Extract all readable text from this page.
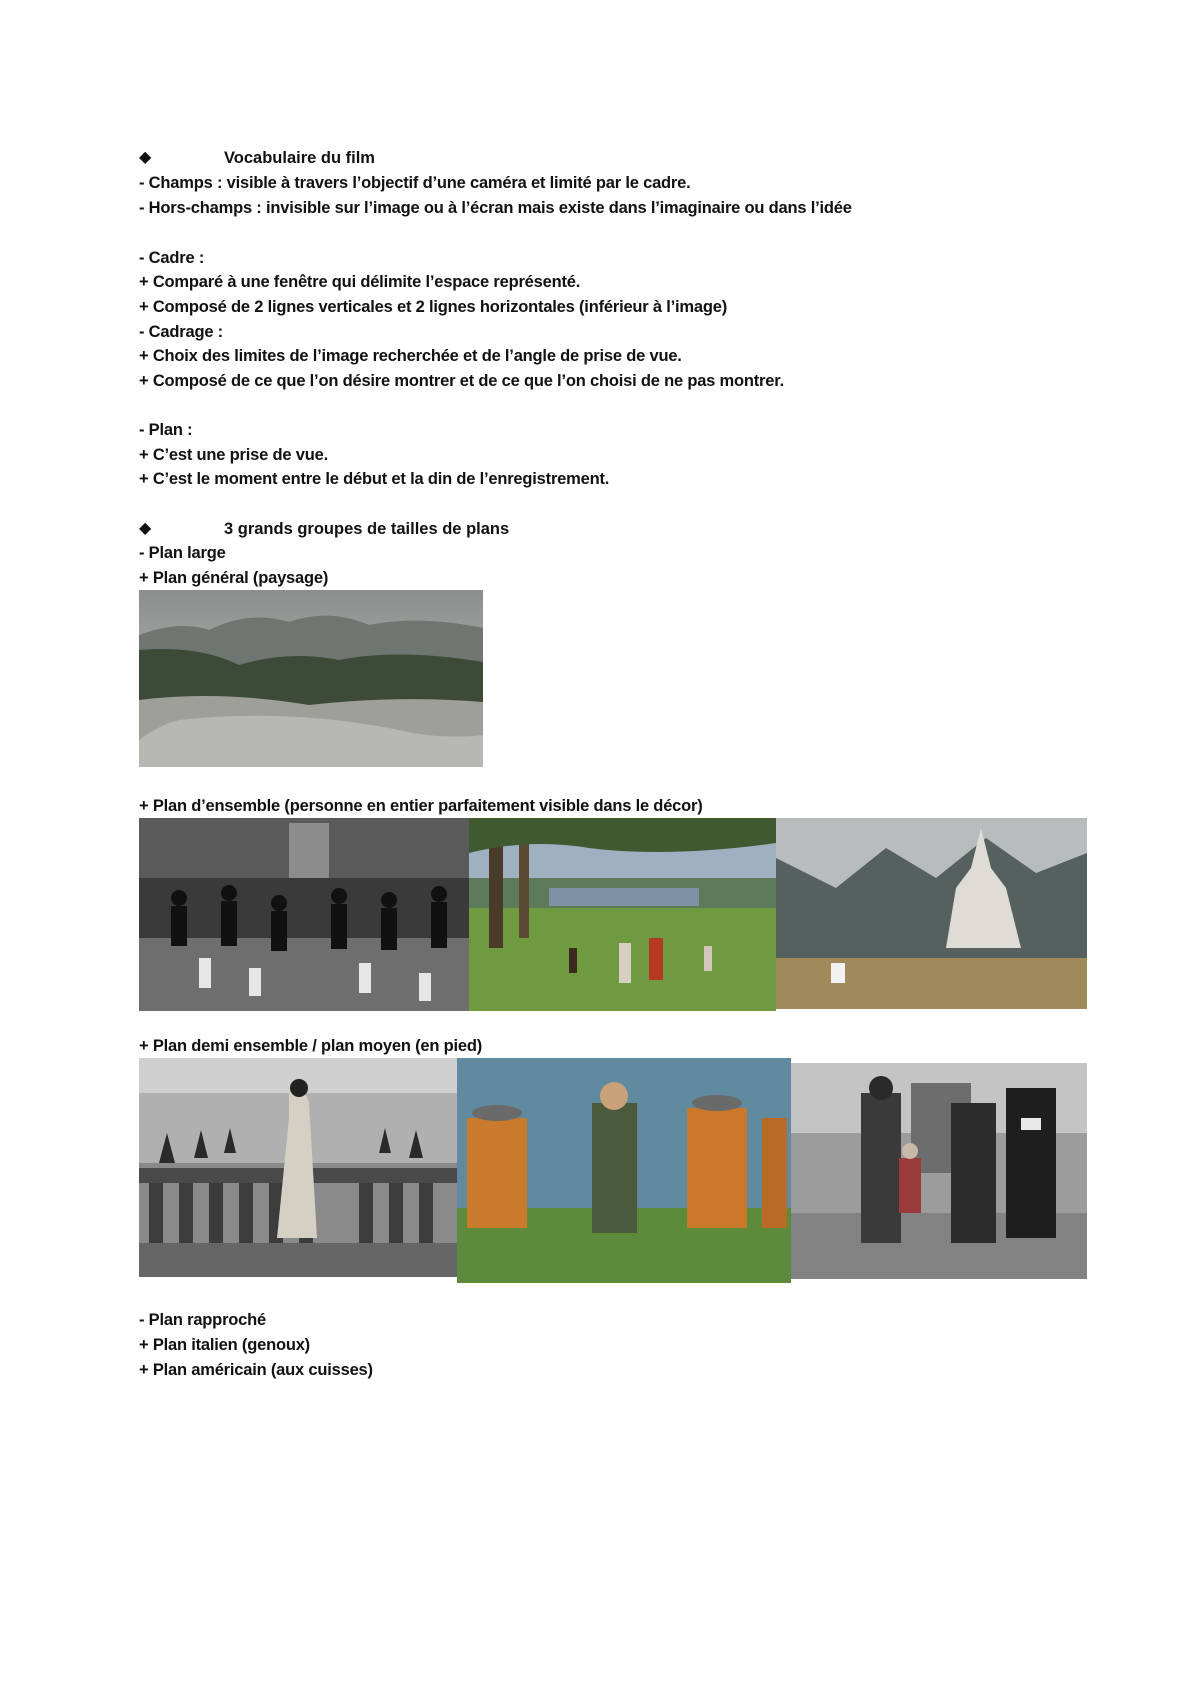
◆	Vocabulaire du film
- Champs : visible à travers l’objectif d’une caméra et limité par le cadre.
- Hors-champs : invisible sur l’image ou à l’écran mais existe dans l’imaginaire ou dans l’idée
- Cadre :
+ Comparé à une fenêtre qui délimite l’espace représenté.
+ Composé de 2 lignes verticales et 2 lignes horizontales (inférieur à l’image)
- Cadrage :
+ Choix des limites de l’image recherchée et de l’angle de prise de vue.
+ Composé de ce que l’on désire montrer et de ce que l’on choisi de ne pas montrer.
- Plan :
+ C’est une prise de vue.
+ C’est le moment entre le début et la din de l’enregistrement.
◆	3 grands groupes de tailles de plans
- Plan large
+ Plan général (paysage)
+ Plan d’ensemble (personne en entier parfaitement visible dans le décor)
+ Plan demi ensemble / plan moyen (en pied)
- Plan rapproché
+ Plan italien (genoux)
+ Plan américain (aux cuisses)
